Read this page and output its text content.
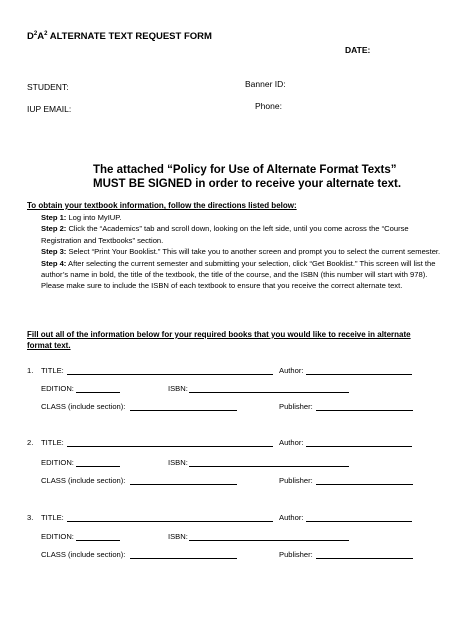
$D^2A^2$ ALTERNATE TEXT REQUEST FORM
DATE:
STUDENT:	Banner ID:
IUP EMAIL:	Phone:
The attached “Policy for Use of Alternate Format Texts” MUST BE SIGNED in order to receive your alternate text.
To obtain your textbook information, follow the directions listed below:

Step 1: Log into MyIUP.

Step 2: Click the “Academics” tab and scroll down, looking on the left side, until you come across the “Course Registration and Textbooks” section.

Step 3: Select “Print Your Booklist.” This will take you to another screen and prompt you to select the current semester.

Step 4: After selecting the current semester and submitting your selection, click “Get Booklist.” This screen will list the author’s name in bold, the title of the textbook, the title of the course, and the ISBN (this number will start with 978). Please make sure to include the ISBN of each textbook to ensure that you receive the correct alternate text.

Fill out all of the information below for your required books that you would like to receive in alternate format text.
1. TITLE:	Author:
EDITION:	ISBN:
CLASS (include section):	Publisher:
2. TITLE:	Author:
EDITION:	ISBN:
CLASS (include section):	Publisher:
3. TITLE:	Author:
EDITION:	ISBN:
CLASS (include section):	Publisher:
